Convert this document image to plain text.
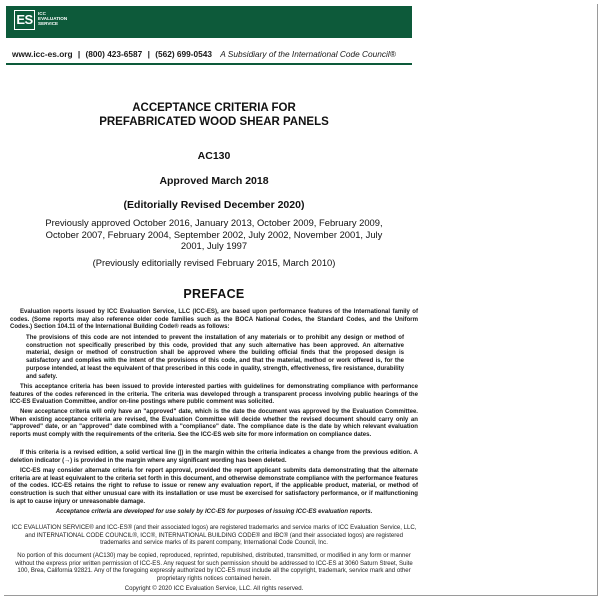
ES	ICC
EVALUATION
SERVICE
www.icc-es.org | (800) 423-6587 | (562) 699-0543 A Subsidiary of the International Code Council®
ACCEPTANCE CRITERIA FOR
PREFABRICATED WOOD SHEAR PANELS
AC130
Approved March 2018
(Editorially Revised December 2020)
Previously approved October 2016, January 2013, October 2009, February 2009, October 2007, February 2004, September 2002, July 2002, November 2001, July 2001, July 1997
(Previously editorially revised February 2015, March 2010)
PREFACE
Evaluation reports issued by ICC Evaluation Service, LLC (ICC-ES), are based upon performance features of the International family of codes. (Some reports may also reference older code families such as the BOCA National Codes, the Standard Codes, and the Uniform Codes.) Section 104.11 of the International Building Code® reads as follows:
The provisions of this code are not intended to prevent the installation of any materials or to prohibit any design or method of construction not specifically prescribed by this code, provided that any such alternative has been approved. An alternative material, design or method of construction shall be approved where the building official finds that the proposed design is satisfactory and complies with the intent of the provisions of this code, and that the material, method or work offered is, for the purpose intended, at least the equivalent of that prescribed in this code in quality, strength, effectiveness, fire resistance, durability and safety.
This acceptance criteria has been issued to provide interested parties with guidelines for demonstrating compliance with performance features of the codes referenced in the criteria. The criteria was developed through a transparent process involving public hearings of the ICC-ES Evaluation Committee, and/or on-line postings where public comment was solicited.
New acceptance criteria will only have an "approved" date, which is the date the document was approved by the Evaluation Committee. When existing acceptance criteria are revised, the Evaluation Committee will decide whether the revised document should carry only an "approved" date, or an "approved" date combined with a "compliance" date. The compliance date is the date by which relevant evaluation reports must comply with the requirements of the criteria. See the ICC-ES web site for more information on compliance dates.
If this criteria is a revised edition, a solid vertical line (|) in the margin within the criteria indicates a change from the previous edition. A deletion indicator (→) is provided in the margin where any significant wording has been deleted.
ICC-ES may consider alternate criteria for report approval, provided the report applicant submits data demonstrating that the alternate criteria are at least equivalent to the criteria set forth in this document, and otherwise demonstrate compliance with the performance features of the codes. ICC-ES retains the right to refuse to issue or renew any evaluation report, if the applicable product, material, or method of construction is such that either unusual care with its installation or use must be exercised for satisfactory performance, or if malfunctioning is apt to cause injury or unreasonable damage.
Acceptance criteria are developed for use solely by ICC-ES for purposes of issuing ICC-ES evaluation reports.
ICC EVALUATION SERVICE® and ICC-ES® (and their associated logos) are registered trademarks and service marks of ICC Evaluation Service, LLC, and INTERNATIONAL CODE COUNCIL®, ICC®, INTERNATIONAL BUILDING CODE® and IBC® (and their associated logos) are registered trademarks and service marks of its parent company, International Code Council, Inc.
No portion of this document (AC130) may be copied, reproduced, reprinted, republished, distributed, transmitted, or modified in any form or manner without the express prior written permission of ICC-ES. Any request for such permission should be addressed to ICC-ES at 3060 Saturn Street, Suite 100, Brea, California 92821. Any of the foregoing expressly authorized by ICC-ES must include all the copyright, trademark, service mark and other proprietary rights notices contained herein.
Copyright © 2020 ICC Evaluation Service, LLC. All rights reserved.
